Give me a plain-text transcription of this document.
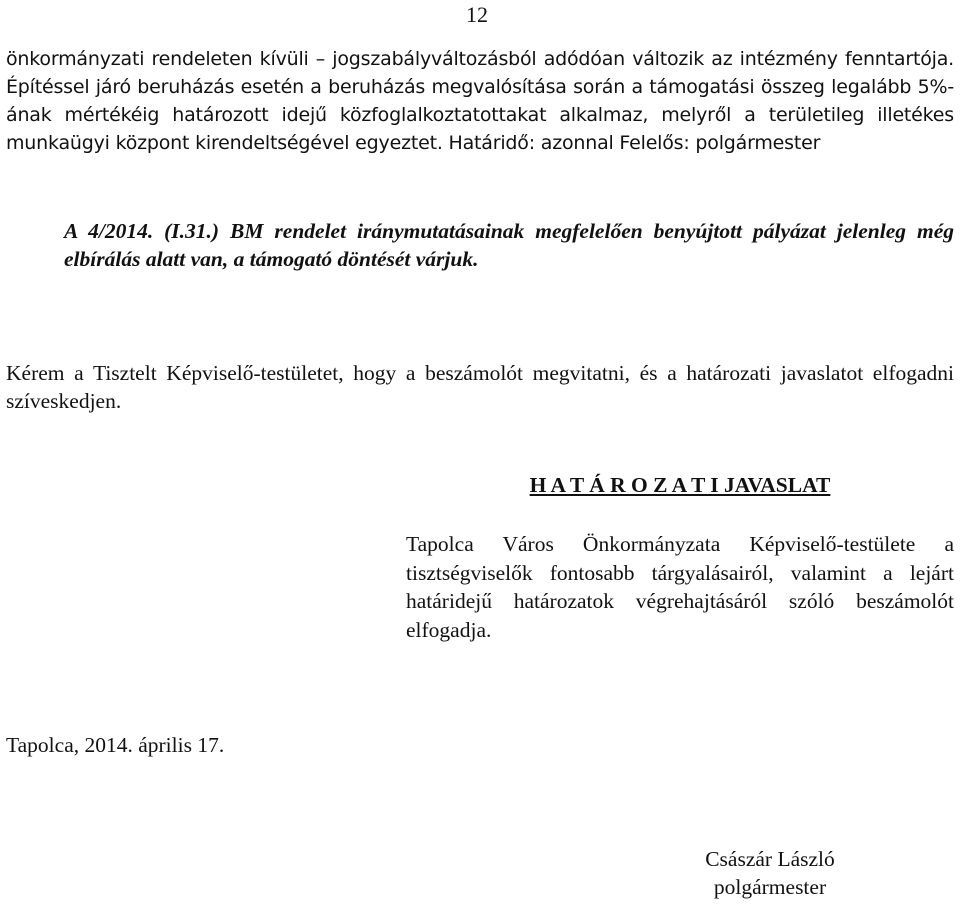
12
önkormányzati rendeleten kívüli – jogszabályváltozásból adódóan változik az intézmény fenntartója. Építéssel járó beruházás esetén a beruházás megvalósítása során a támogatási összeg legalább 5%-ának mértékéig határozott idejű közfoglalkoztatottakat alkalmaz, melyről a területileg illetékes munkaügyi központ kirendeltségével egyeztet. Határidő: azonnal Felelős: polgármester
A 4/2014. (I.31.) BM rendelet iránymutatásainak megfelelően benyújtott pályázat jelenleg még elbírálás alatt van, a támogató döntését várjuk.
Kérem a Tisztelt Képviselő-testületet, hogy a beszámolót megvitatni, és a határozati javaslatot elfogadni szíveskedjen.
H A T Á R O Z A T I JAVASLAT
Tapolca Város Önkormányzata Képviselő-testülete a tisztségviselők fontosabb tárgyalásairól, valamint a lejárt határidejű határozatok végrehajtásáról szóló beszámolót elfogadja.
Tapolca, 2014. április 17.
Császár László
polgármester
